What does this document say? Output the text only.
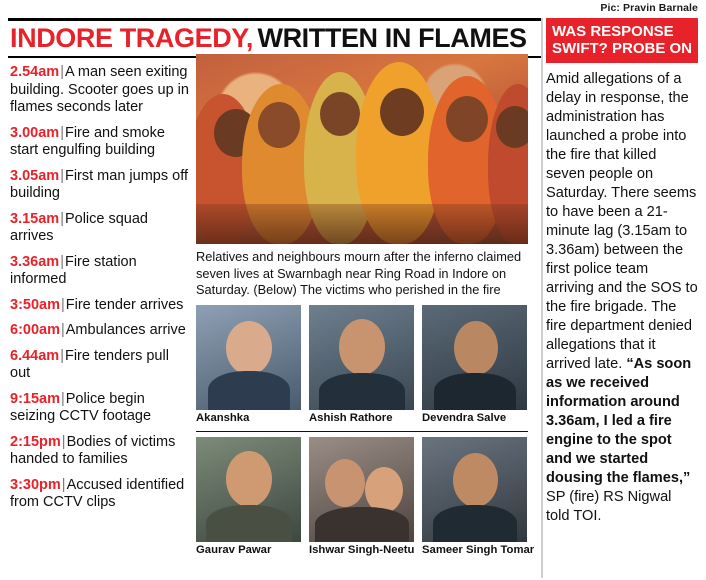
Pic: Pravin Barnale
INDORE TRAGEDY, WRITTEN IN FLAMES
2.54am|A man seen exiting building. Scooter goes up in flames seconds later
3.00am|Fire and smoke start engulfing building
3.05am|First man jumps off building
3.15am|Police squad arrives
3.36am|Fire station informed
3:50am|Fire tender arrives
6:00am|Ambulances arrive
6.44am|Fire tenders pull out
9:15am|Police begin seizing CCTV footage
2:15pm|Bodies of victims handed to families
3:30pm|Accused identified from CCTV clips
Relatives and neighbours mourn after the inferno claimed seven lives at Swarnbagh near Ring Road in Indore on Saturday. (Below) The victims who perished in the fire
Akanshka	Ashish Rathore	Devendra Salve
Gaurav Pawar	Ishwar Singh-Neetu Sameer Singh Tomar
WAS RESPONSE SWIFT? PROBE ON
Amid allegations of a delay in response, the administration has launched a probe into the fire that killed seven people on Saturday. There seems to have been a 21-minute lag (3.15am to 3.36am) between the first police team arriving and the SOS to the fire brigade. The fire department denied allegations that it arrived late. “As soon as we received information around 3.36am, I led a fire engine to the spot and we started dousing the flames,” SP (fire) RS Nigwal told TOI.
